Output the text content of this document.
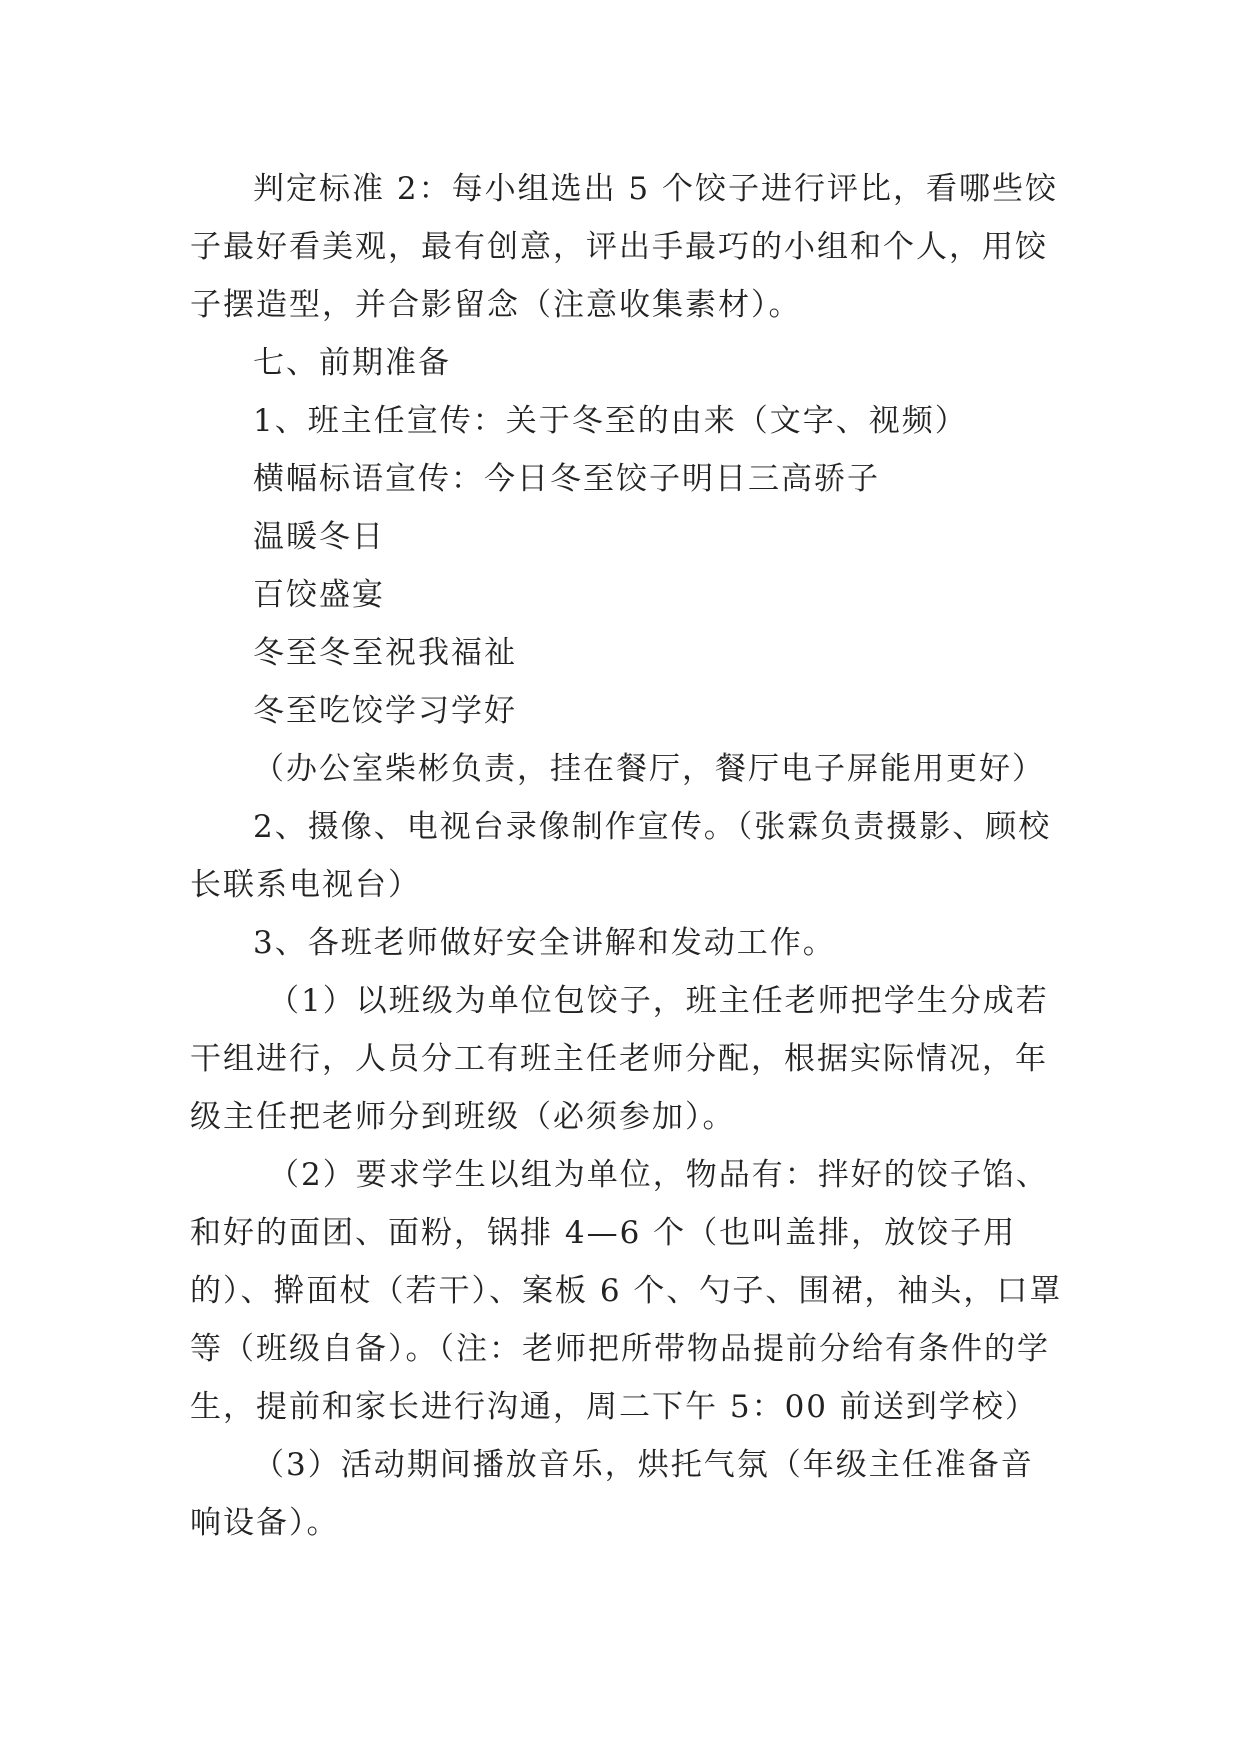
判定标准 2：每小组选出 5 个饺子进行评比，看哪些饺
子最好看美观，最有创意，评出手最巧的小组和个人，用饺
子摆造型，并合影留念（注意收集素材）。
七、前期准备
1、班主任宣传：关于冬至的由来（文字、视频）
横幅标语宣传：今日冬至饺子明日三高骄子
温暖冬日
百饺盛宴
冬至冬至祝我福祉
冬至吃饺学习学好
（办公室柴彬负责，挂在餐厅，餐厅电子屏能用更好）
2、摄像、电视台录像制作宣传。（张霖负责摄影、顾校
长联系电视台）
3、各班老师做好安全讲解和发动工作。
（1）以班级为单位包饺子，班主任老师把学生分成若
干组进行，人员分工有班主任老师分配，根据实际情况，年
级主任把老师分到班级（必须参加）。
（2）要求学生以组为单位，物品有：拌好的饺子馅、
和好的面团、面粉，锅排 4—6 个（也叫盖排，放饺子用
的）、擀面杖（若干）、案板 6 个、勺子、围裙，袖头，口罩
等（班级自备）。（注：老师把所带物品提前分给有条件的学
生，提前和家长进行沟通，周二下午 5：00 前送到学校）
（3）活动期间播放音乐，烘托气氛（年级主任准备音
响设备）。
